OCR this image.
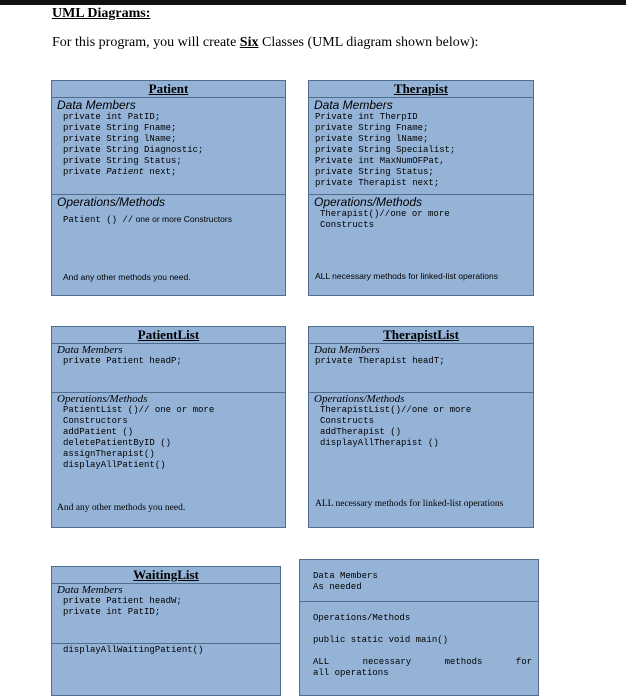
UML Diagrams:
For this program, you will create Six Classes (UML diagram shown below):
Patient
Data Members
private int PatID;
private String Fname;
private String lName;
private String Diagnostic;
private String Status;
private Patient next;
Operations/Methods
Patient () // one or more Constructors
And any other methods you need.
Therapist
Data Members
Private int TherpID
private String Fname;
private String lName;
private String Specialist;
Private int MaxNumOFPat,
private String Status;
private Therapist next;
Operations/Methods
Therapist()//one or more
Constructs
ALL necessary methods for linked-list operations
PatientList
Data Members
private Patient headP;
Operations/Methods
PatientList ()// one or more
Constructors
addPatient ()
deletePatientByID ()
assignTherapist()
displayAllPatient()
And any other methods you need.
TherapistList
Data Members
private Therapist headT;
Operations/Methods
TherapistList()//one or more
Constructs
addTherapist ()
displayAllTherapist ()
ALL necessary methods for linked-list operations
WaitingList
Data Members
private Patient headW;
private int PatID;
displayAllWaitingPatient()
Data Members
As needed
Operations/Methods
public static void main()
ALL    necessary    methods    for    all operations
